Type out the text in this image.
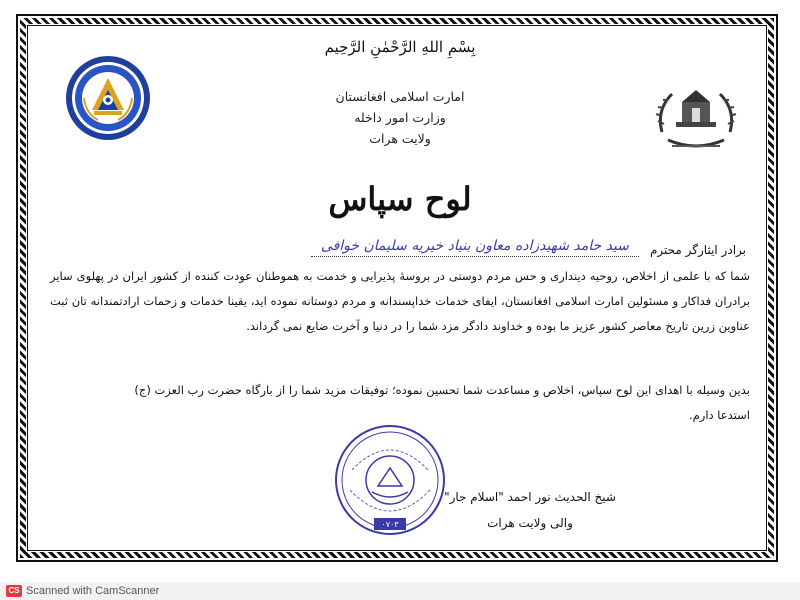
بِسْمِ اللهِ الرَّحْمٰنِ الرَّحِيم
امارت اسلامی افغانستان
وزارت امور داخله
ولایت هرات
لوح سپاس
برادر ایثارگر محترم سید حامد شهیدزاده معاون بنیاد خیریه سلیمان خوافی

شما که با علمی از اخلاص، روحیه دینداری و حس مردم دوستی در بروسهٔ پذیرایی و خدمت به هموطنان عودت کننده از کشور ایران در پهلوی سایر برادران فداکار و مسئولین امارت اسلامی افغانستان، ایفای خدمات خداپسندانه و مردم دوستانه نموده اید، یقینا خدمات و زحمات ارادتمندانه تان ثبت عناوین زرین تاریخ معاصر کشور عزیز ما بوده و خداوند دادگر مزد شما را در دنیا و آخرت ضایع نمی گرداند.

بدین وسیله با اهدای این لوح سپاس، اخلاص و مساعدت شما تحسین نموده؛ توفیقات مزید شما را از بارگاه حضرت رب العزت (ج)

استدعا دارم.

۰۷۰۳

شیخ الحدیث نور احمد "اسلام جار"

والی ولایت هرات

CS Scanned with CamScanner
